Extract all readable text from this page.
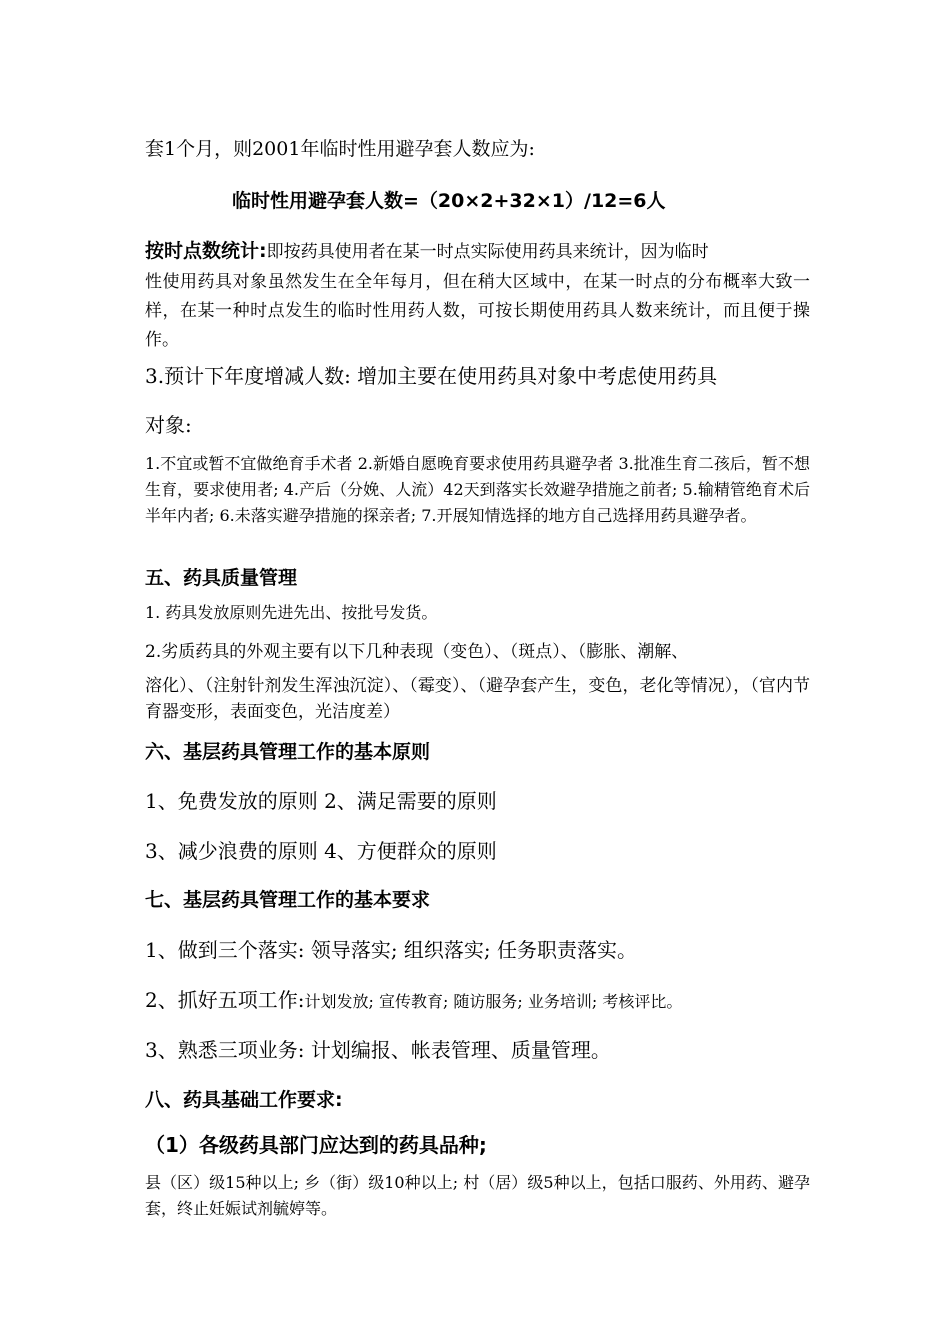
套1个月，则2001年临时性用避孕套人数应为:

临时性用避孕套人数=（20×2+32×1）/12=6人

按时点数统计:即按药具使用者在某一时点实际使用药具来统计，因为临时

性使用药具对象虽然发生在全年每月，但在稍大区域中，在某一时点的分布概率大致一样，在某一种时点发生的临时性用药人数，可按长期使用药具人数来统计，而且便于操作。

3.预计下年度增减人数: 增加主要在使用药具对象中考虑使用药具

对象:

1.不宜或暂不宜做绝育手术者 2.新婚自愿晚育要求使用药具避孕者 3.批准生育二孩后，暂不想生育，要求使用者; 4.产后（分娩、人流）42天到落实长效避孕措施之前者; 5.输精管绝育术后半年内者; 6.未落实避孕措施的探亲者; 7.开展知情选择的地方自己选择用药具避孕者。

五、药具质量管理

1. 药具发放原则先进先出、按批号发货。

2.劣质药具的外观主要有以下几种表现（变色）、（斑点）、（膨胀、潮解、

溶化）、（注射针剂发生浑浊沉淀）、（霉变）、（避孕套产生，变色，老化等情况），（官内节育器变形，表面变色，光洁度差）

六、基层药具管理工作的基本原则

1、免费发放的原则 2、满足需要的原则

3、减少浪费的原则 4、方便群众的原则

七、基层药具管理工作的基本要求

1、做到三个落实: 领导落实; 组织落实; 任务职责落实。

2、抓好五项工作:计划发放; 宣传教育; 随访服务; 业务培训; 考核评比。

3、熟悉三项业务: 计划编报、帐表管理、质量管理。

八、药具基础工作要求:

（1）各级药具部门应达到的药具品种;

县（区）级15种以上; 乡（街）级10种以上; 村（居）级5种以上，包括口服药、外用药、避孕套，终止妊娠试剂毓婷等。
